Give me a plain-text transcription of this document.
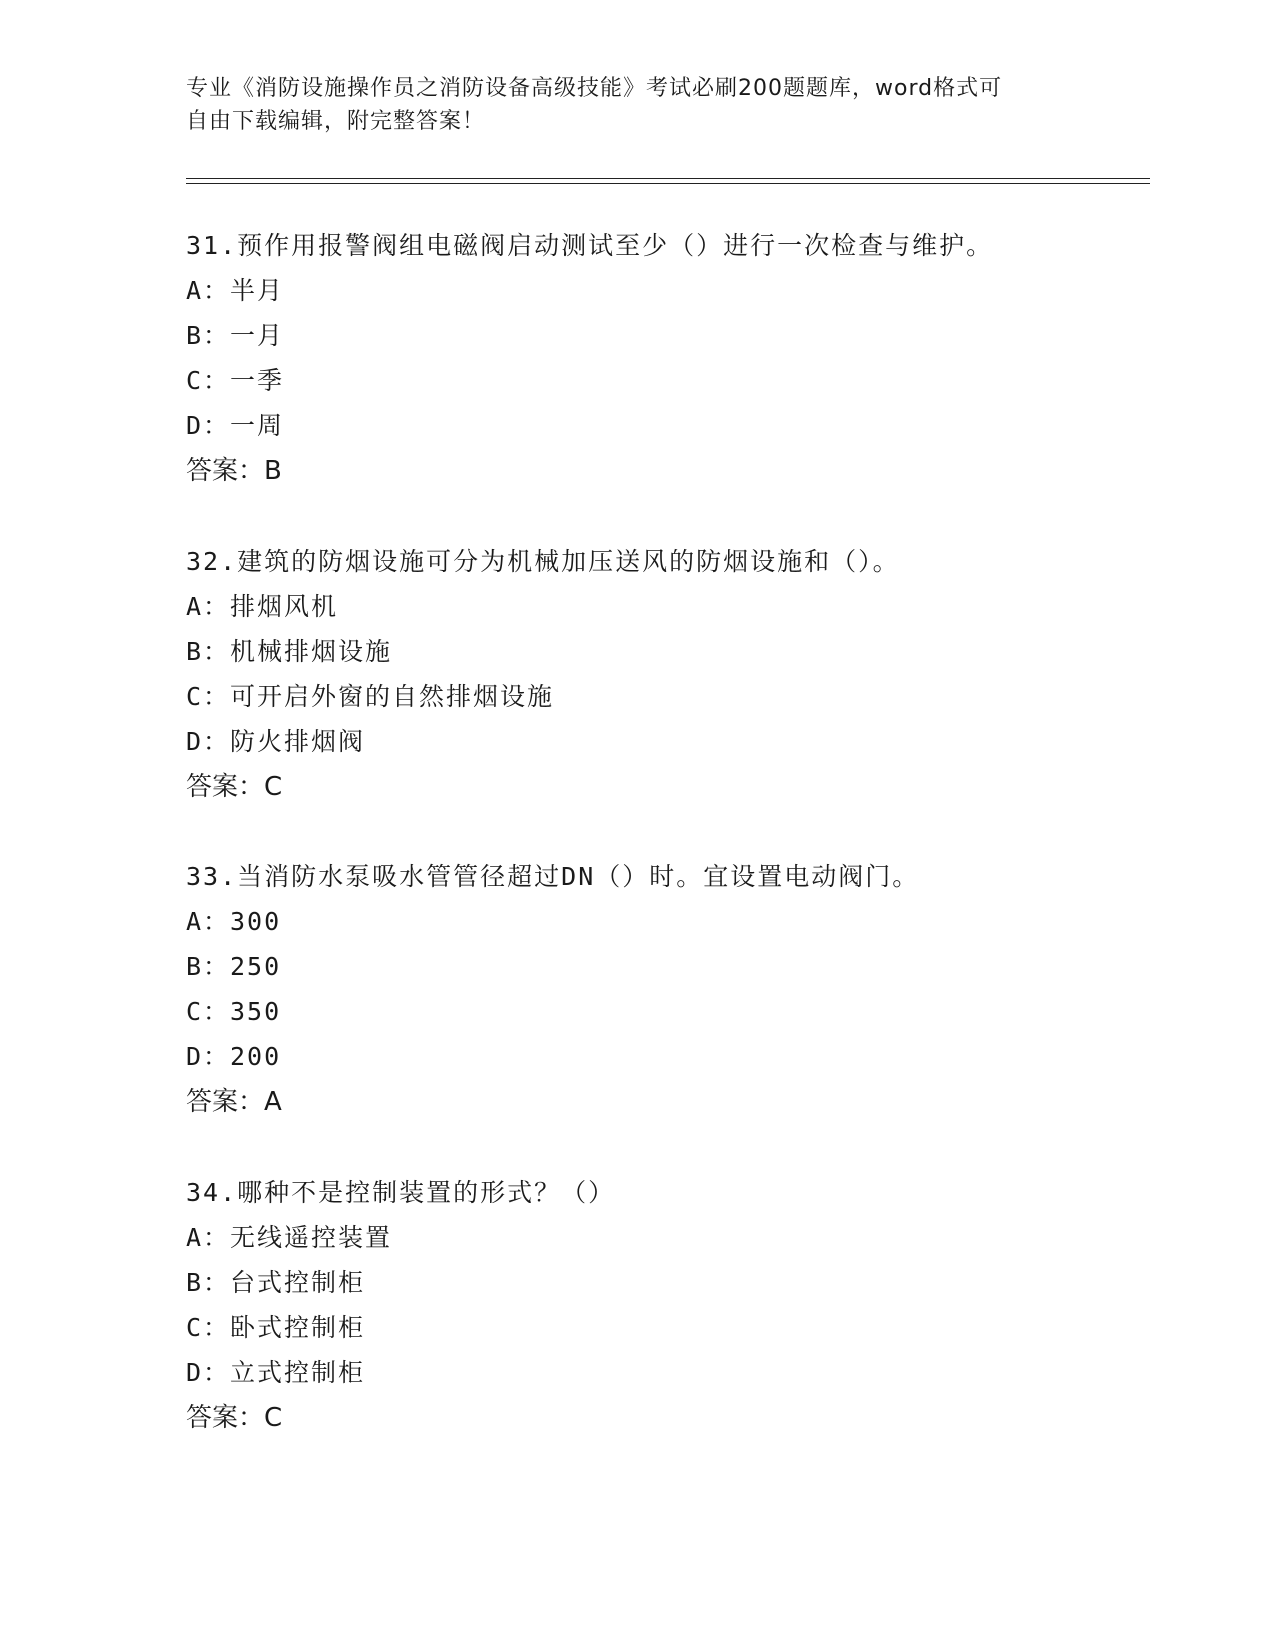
专业《消防设施操作员之消防设备高级技能》考试必刷200题题库，word格式可
自由下载编辑，附完整答案！
31.预作用报警阀组电磁阀启动测试至少（）进行一次检查与维护。
A：半月
B：一月
C：一季
D：一周
答案：B
32.建筑的防烟设施可分为机械加压送风的防烟设施和（）。
A：排烟风机
B：机械排烟设施
C：可开启外窗的自然排烟设施
D：防火排烟阀
答案：C
33.当消防水泵吸水管管径超过DN（）时。宜设置电动阀门。
A：300
B：250
C：350
D：200
答案：A
34.哪种不是控制装置的形式？（）
A：无线遥控装置
B：台式控制柜
C：卧式控制柜
D：立式控制柜
答案：C
